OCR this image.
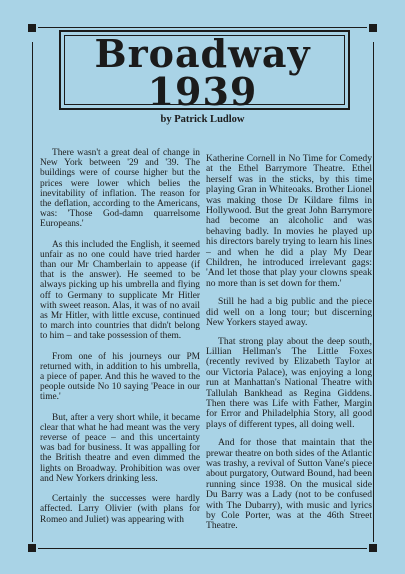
Broadway
1939
by Patrick Ludlow

There wasn't a great deal of change in New York between '29 and '39. The buildings were of course higher but the prices were lower which belies the inevitability of inflation. The reason for the deflation, according to the Americans, was: 'Those God-damn quarrelsome Europeans.'

As this included the English, it seemed unfair as no one could have tried harder than our Mr Chamberlain to appease (if that is the answer). He seemed to be always picking up his umbrella and flying off to Germany to supplicate Mr Hitler with sweet reason. Alas, it was of no avail as Mr Hitler, with little excuse, continued to march into countries that didn't belong to him – and take possession of them.

From one of his journeys our PM returned with, in addition to his umbrella, a piece of paper. And this he waved to the people outside No 10 saying 'Peace in our time.'

But, after a very short while, it became clear that what he had meant was the very reverse of peace – and this uncertainty was bad for business. It was appalling for the British theatre and even dimmed the lights on Broadway. Prohibition was over and New Yorkers drinking less.

Certainly the successes were hardly affected. Larry Olivier (with plans for Romeo and Juliet) was appearing with

Katherine Cornell in No Time for Comedy at the Ethel Barrymore Theatre. Ethel herself was in the sticks, by this time playing Gran in Whiteoaks. Brother Lionel was making those Dr Kildare films in Hollywood. But the great John Barrymore had become an alcoholic and was behaving badly. In movies he played up his directors barely trying to learn his lines – and when he did a play My Dear Children, he introduced irrelevant gags: 'And let those that play your clowns speak no more than is set down for them.'

Still he had a big public and the piece did well on a long tour; but discerning New Yorkers stayed away.

That strong play about the deep south, Lillian Hellman's The Little Foxes (recently revived by Elizabeth Taylor at our Victoria Palace), was enjoying a long run at Manhattan's National Theatre with Tallulah Bankhead as Regina Giddens. Then there was Life with Father, Margin for Error and Philadelphia Story, all good plays of different types, all doing well.

And for those that maintain that the prewar theatre on both sides of the Atlantic was trashy, a revival of Sutton Vane's piece about purgatory, Outward Bound, had been running since 1938. On the musical side Du Barry was a Lady (not to be confused with The Dubarry), with music and lyrics by Cole Porter, was at the 46th Street Theatre.
